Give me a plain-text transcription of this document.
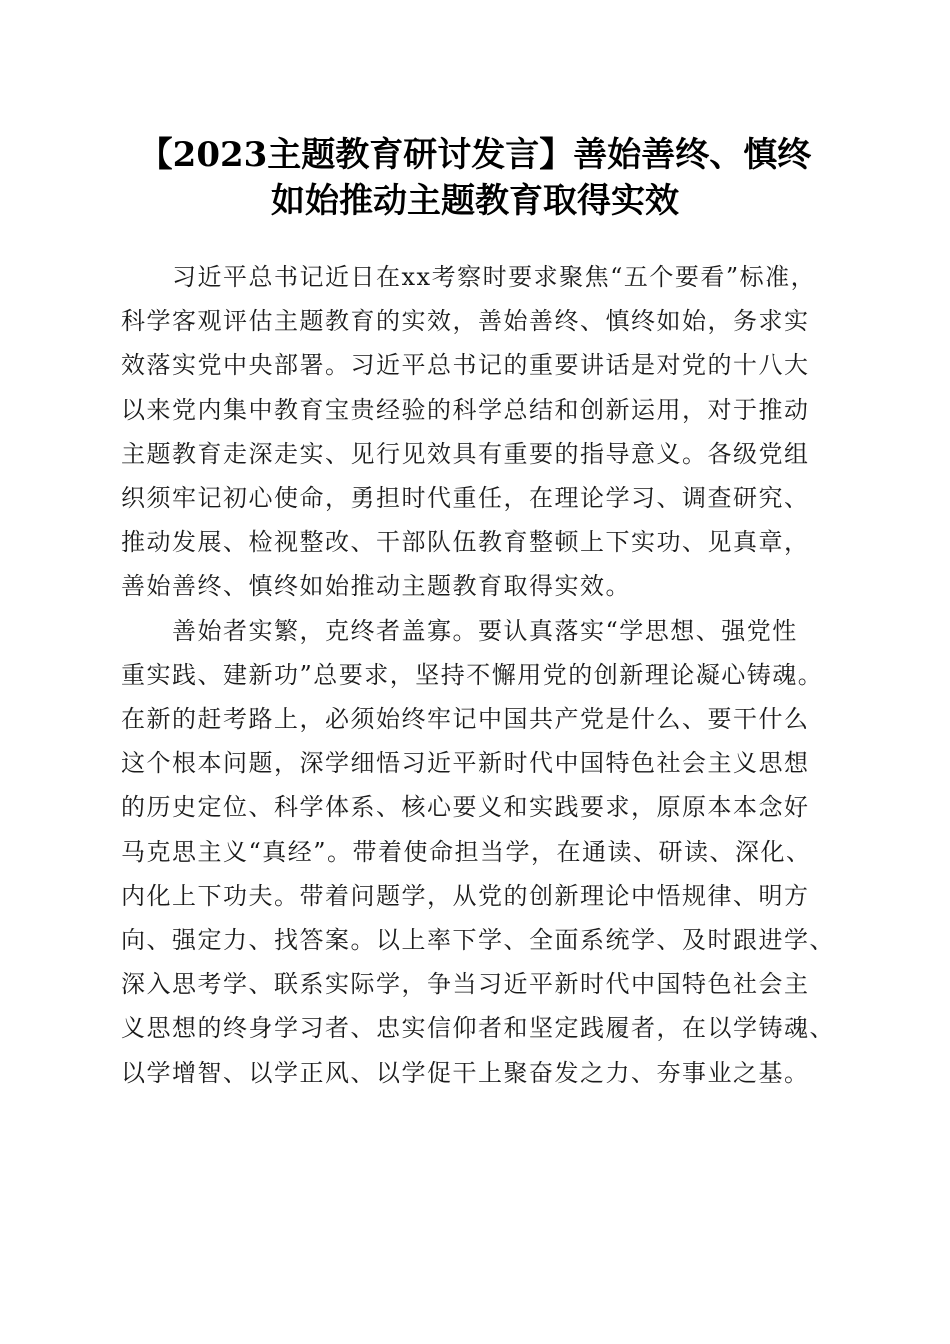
【2023主题教育研讨发言】善始善终、慎终
如始推动主题教育取得实效

　　习近平总书记近日在xx考察时要求聚焦“五个要看”标准，
科学客观评估主题教育的实效，善始善终、慎终如始，务求实
效落实党中央部署。习近平总书记的重要讲话是对党的十八大
以来党内集中教育宝贵经验的科学总结和创新运用，对于推动
主题教育走深走实、见行见效具有重要的指导意义。各级党组
织须牢记初心使命，勇担时代重任，在理论学习、调查研究、
推动发展、检视整改、干部队伍教育整顿上下实功、见真章，
善始善终、慎终如始推动主题教育取得实效。

　　善始者实繁，克终者盖寡。要认真落实“学思想、强党性
重实践、建新功”总要求，坚持不懈用党的创新理论凝心铸魂。
在新的赶考路上，必须始终牢记中国共产党是什么、要干什么
这个根本问题，深学细悟习近平新时代中国特色社会主义思想
的历史定位、科学体系、核心要义和实践要求，原原本本念好
马克思主义“真经”。带着使命担当学，在通读、研读、深化、
内化上下功夫。带着问题学，从党的创新理论中悟规律、明方
向、强定力、找答案。以上率下学、全面系统学、及时跟进学、
深入思考学、联系实际学，争当习近平新时代中国特色社会主
义思想的终身学习者、忠实信仰者和坚定践履者，在以学铸魂、
以学增智、以学正风、以学促干上聚奋发之力、夯事业之基。
